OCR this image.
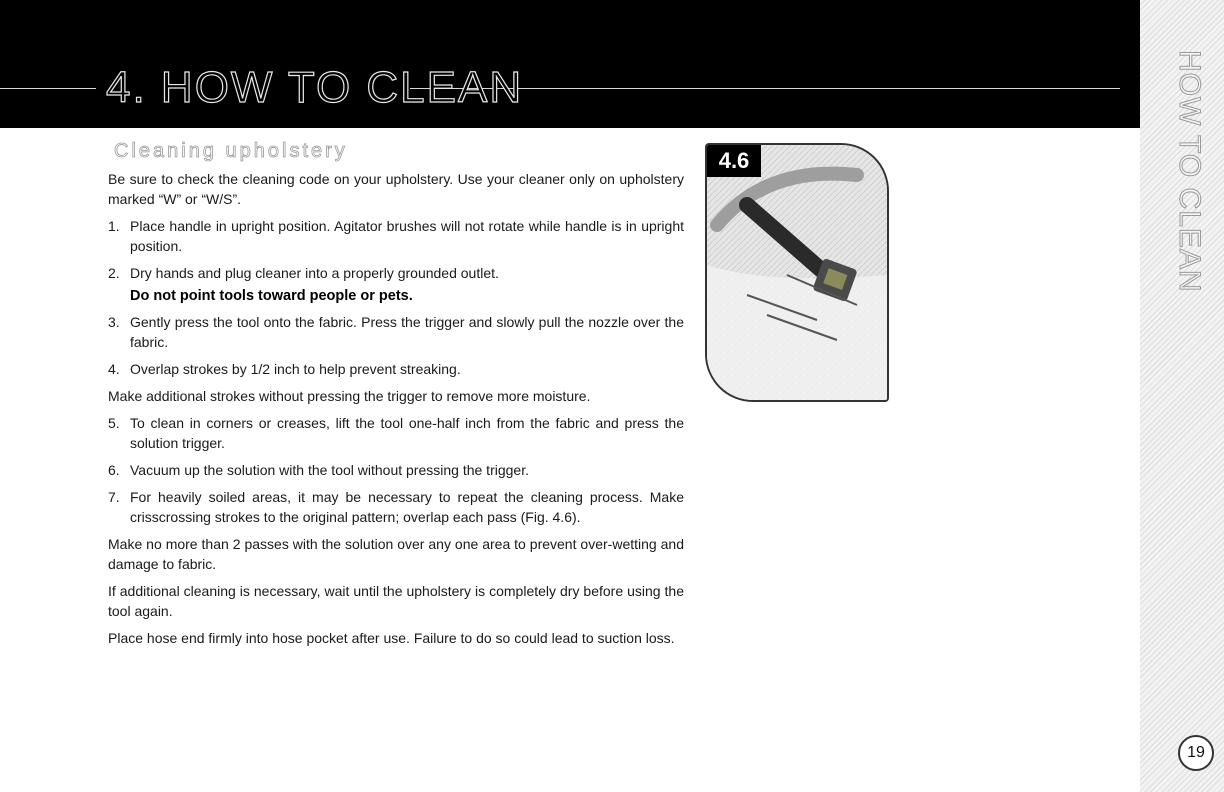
4. HOW TO CLEAN	HOW TO CLEAN
19
Cleaning upholstery

Be sure to check the cleaning code on your upholstery. Use your cleaner only on upholstery marked “W” or “W/S”.

1. Place handle in upright position. Agitator brushes will not rotate while handle is in upright position.
2. Dry hands and plug cleaner into a properly grounded outlet.
Do not point tools toward people or pets.
3. Gently press the tool onto the fabric. Press the trigger and slowly pull the nozzle over the fabric.
4. Overlap strokes by 1/2 inch to help prevent streaking.

Make additional strokes without pressing the trigger to remove more moisture.

5. To clean in corners or creases, lift the tool one-half inch from the fabric and press the solution trigger.
6. Vacuum up the solution with the tool without pressing the trigger.
7. For heavily soiled areas, it may be necessary to repeat the cleaning process. Make crisscrossing strokes to the original pattern; overlap each pass (Fig. 4.6).

Make no more than 2 passes with the solution over any one area to prevent over-wetting and damage to fabric.

If additional cleaning is necessary, wait until the upholstery is completely dry before using the tool again.

Place hose end firmly into hose pocket after use. Failure to do so could lead to suction loss.

4.6
